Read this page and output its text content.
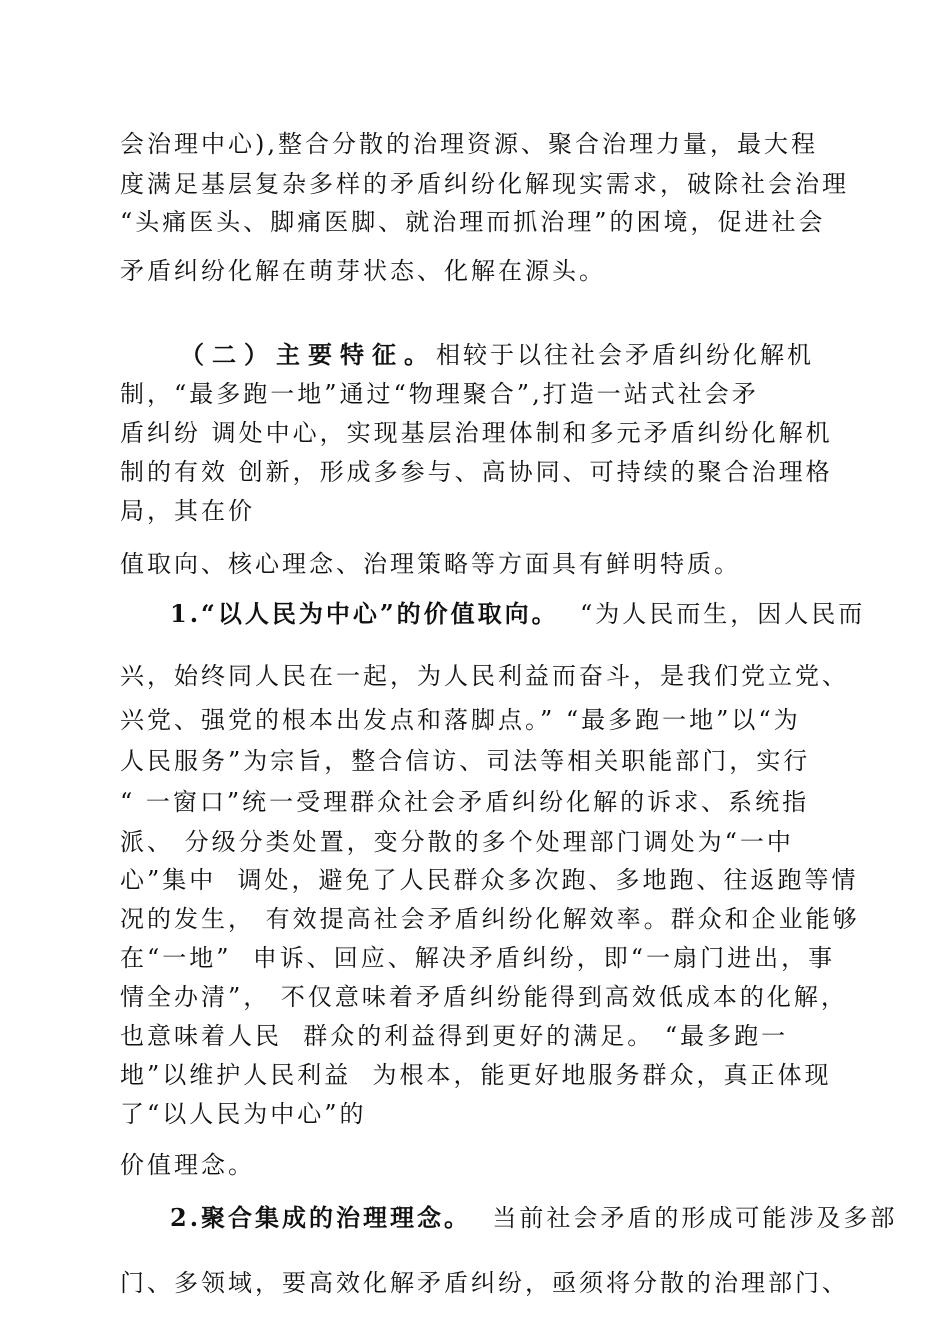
会治理中心),整合分散的治理资源、聚合治理力量，最大程
度满足基层复杂多样的矛盾纠纷化解现实需求，破除社会治理
“头痛医头、脚痛医脚、就治理而抓治理”的困境，促进社会
矛盾纠纷化解在萌芽状态、化解在源头。
（二）主要特征。相较于以往社会矛盾纠纷化解机
制，“最多跑一地”通过“物理聚合”,打造一站式社会矛
盾纠纷 调处中心，实现基层治理体制和多元矛盾纠纷化解机
制的有效 创新，形成多参与、高协同、可持续的聚合治理格
局，其在价
值取向、核心理念、治理策略等方面具有鲜明特质。
1.“以人民为中心”的价值取向。 “为人民而生，因人民而
兴，始终同人民在一起，为人民利益而奋斗，是我们党立党、
兴党、强党的根本出发点和落脚点。” “最多跑一地”以“为
人民服务”为宗旨，整合信访、司法等相关职能部门，实行
“ 一窗口”统一受理群众社会矛盾纠纷化解的诉求、系统指
派、 分级分类处置，变分散的多个处理部门调处为“一中
心”集中  调处，避免了人民群众多次跑、多地跑、往返跑等情
况的发生， 有效提高社会矛盾纠纷化解效率。群众和企业能够
在“一地”  申诉、回应、解决矛盾纠纷，即“一扇门进出，事
情全办清”， 不仅意味着矛盾纠纷能得到高效低成本的化解，
也意味着人民  群众的利益得到更好的满足。 “最多跑一
地”以维护人民利益  为根本，能更好地服务群众，真正体现
了“以人民为中心”的
价值理念。
2.聚合集成的治理理念。 当前社会矛盾的形成可能涉及多部
门、多领域，要高效化解矛盾纠纷，亟须将分散的治理部门、
